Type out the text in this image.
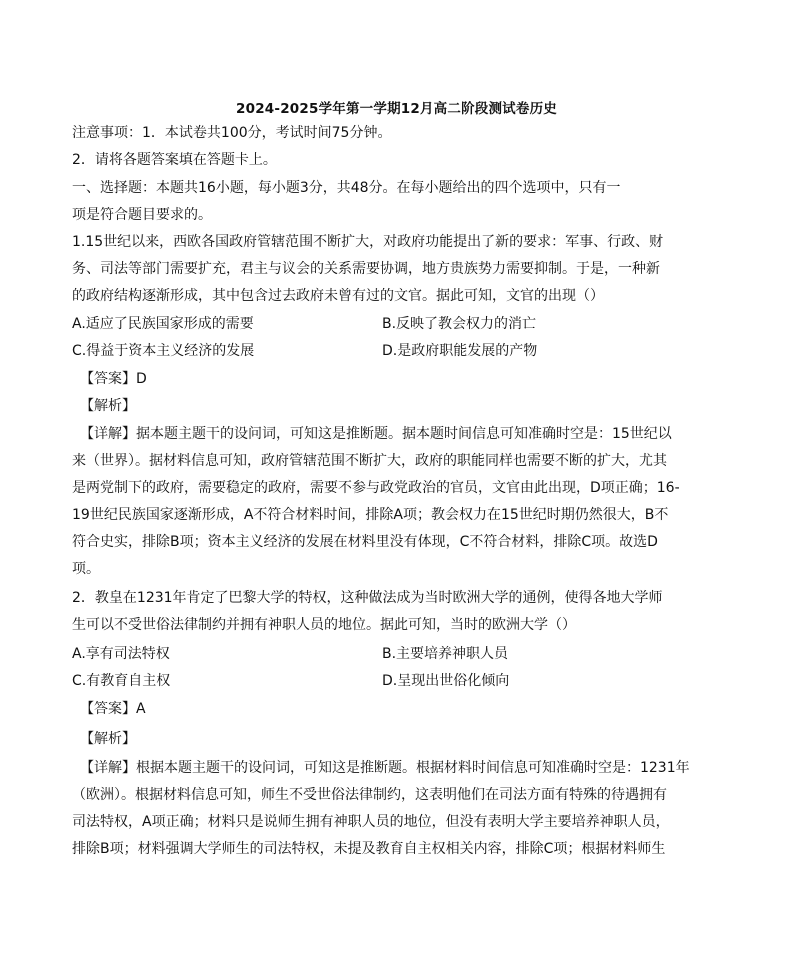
2024-2025学年第一学期12月高二阶段测试卷历史
注意事项：1．本试卷共100分，考试时间75分钟。
2．请将各题答案填在答题卡上。
一、选择题：本题共16小题，每小题3分，共48分。在每小题给出的四个选项中，只有一
项是符合题目要求的。
1.15世纪以来，西欧各国政府管辖范围不断扩大，对政府功能提出了新的要求：军事、行政、财
务、司法等部门需要扩充，君主与议会的关系需要协调，地方贵族势力需要抑制。于是，一种新
的政府结构逐渐形成，其中包含过去政府未曾有过的文官。据此可知，文官的出现（）
A.适应了民族国家形成的需要	B.反映了教会权力的消亡
C.得益于资本主义经济的发展	D.是政府职能发展的产物
【答案】D
【解析】
【详解】据本题主题干的设问词，可知这是推断题。据本题时间信息可知准确时空是：15世纪以
来（世界）。据材料信息可知，政府管辖范围不断扩大，政府的职能同样也需要不断的扩大，尤其
是两党制下的政府，需要稳定的政府，需要不参与政党政治的官员，文官由此出现，D项正确；16-
19世纪民族国家逐渐形成，A不符合材料时间，排除A项；教会权力在15世纪时期仍然很大，B不
符合史实，排除B项；资本主义经济的发展在材料里没有体现，C不符合材料，排除C项。故选D
项。
2．教皇在1231年肯定了巴黎大学的特权，这种做法成为当时欧洲大学的通例，使得各地大学师
生可以不受世俗法律制约并拥有神职人员的地位。据此可知，当时的欧洲大学（）
A.享有司法特权	B.主要培养神职人员
C.有教育自主权	D.呈现出世俗化倾向
【答案】A
【解析】
【详解】根据本题主题干的设问词，可知这是推断题。根据材料时间信息可知准确时空是：1231年
（欧洲）。根据材料信息可知，师生不受世俗法律制约，这表明他们在司法方面有特殊的待遇拥有
司法特权，A项正确；材料只是说师生拥有神职人员的地位，但没有表明大学主要培养神职人员，
排除B项；材料强调大学师生的司法特权，未提及教育自主权相关内容，排除C项；根据材料师生
